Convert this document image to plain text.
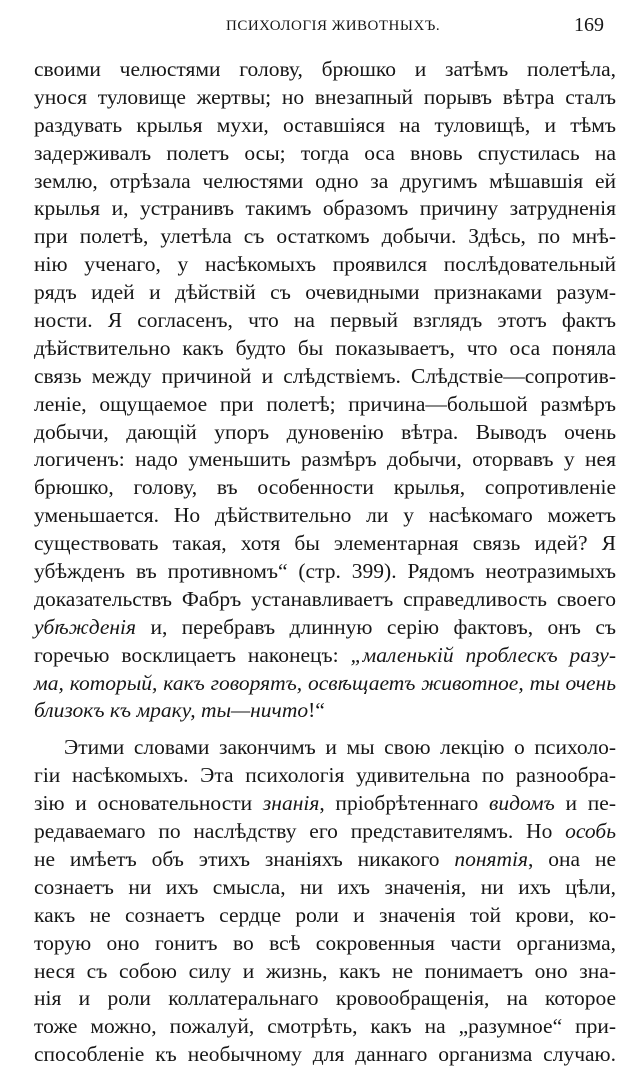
ПСИХОЛОГІЯ ЖИВОТНЫХЪ.	169
своими челюстями голову, брюшко и затѣмъ полетѣла,
унося туловище жертвы; но внезапный порывъ вѣтра сталъ
раздувать крылья мухи, оставшіяся на туловищѣ, и тѣмъ
задерживалъ полетъ осы; тогда оса вновь спустилась на
землю, отрѣзала челюстями одно за другимъ мѣшавшія ей
крылья и, устранивъ такимъ образомъ причину затрудненія
при полетѣ, улетѣла съ остаткомъ добычи. Здѣсь, по мнѣ-
нію ученаго, у насѣкомыхъ проявился послѣдовательный
рядъ идей и дѣйствій съ очевидными признаками разум-
ности. Я согласенъ, что на первый взглядъ этотъ фактъ
дѣйствительно какъ будто бы показываетъ, что оса поняла
связь между причиной и слѣдствіемъ. Слѣдствіе—сопротив-
леніе, ощущаемое при полетѣ; причина—большой размѣръ
добычи, дающій упоръ дуновенію вѣтра. Выводъ очень
логиченъ: надо уменьшить размѣръ добычи, оторвавъ у нея
брюшко, голову, въ особенности крылья, сопротивленіе
уменьшается. Но дѣйствительно ли у насѣкомаго можетъ
существовать такая, хотя бы элементарная связь идей? Я
убѣжденъ въ противномъ“ (стр. 399). Рядомъ неотразимыхъ
доказательствъ Фабръ устанавливаетъ справедливость своего
убѣжденія и, перебравъ длинную серію фактовъ, онъ съ
горечью восклицаетъ наконецъ: „маленькій проблескъ разу-
ма, который, какъ говорятъ, освѣщаетъ животное, ты очень
близокъ къ мраку, ты—ничто!“
Этими словами закончимъ и мы свою лекцію о психоло-
гіи насѣкомыхъ. Эта психологія удивительна по разнообра-
зію и основательности знанія, пріобрѣтеннаго видомъ и пе-
редаваемаго по наслѣдству его представителямъ. Но особь
не имѣетъ объ этихъ знаніяхъ никакого понятія, она не
сознаетъ ни ихъ смысла, ни ихъ значенія, ни ихъ цѣли,
какъ не сознаетъ сердце роли и значенія той крови, ко-
торую оно гонитъ во всѣ сокровенныя части организма,
неся съ собою силу и жизнь, какъ не понимаетъ оно зна-
нія и роли коллатеральнаго кровообращенія, на которое
тоже можно, пожалуй, смотрѣть, какъ на „разумное“ при-
способленіе къ необычному для даннаго организма случаю.
